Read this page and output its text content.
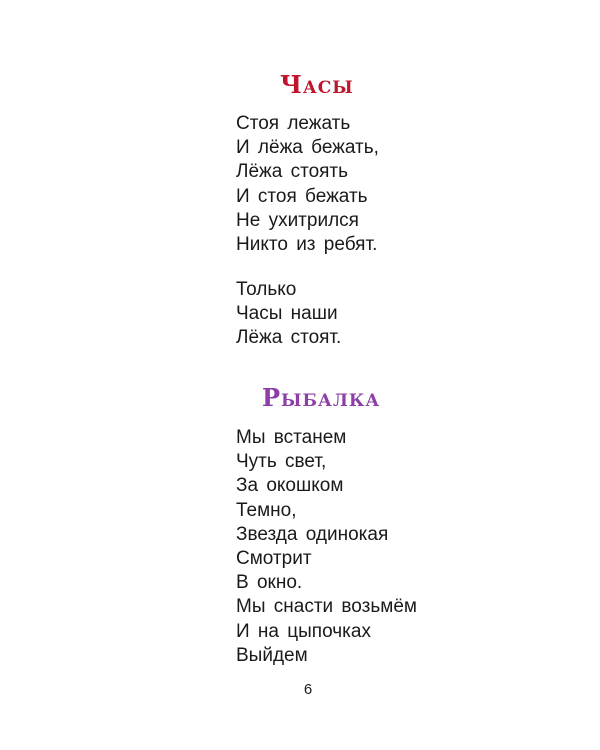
Часы
Стоя лежать
И лёжа бежать,
Лёжа стоять
И стоя бежать
Не ухитрился
Никто из ребят.
Только
Часы наши
Лёжа стоят.
Рыбалка
Мы встанем
Чуть свет,
За окошком
Темно,
Звезда одинокая
Смотрит
В окно.
Мы снасти возьмём
И на цыпочках
Выйдем
6
